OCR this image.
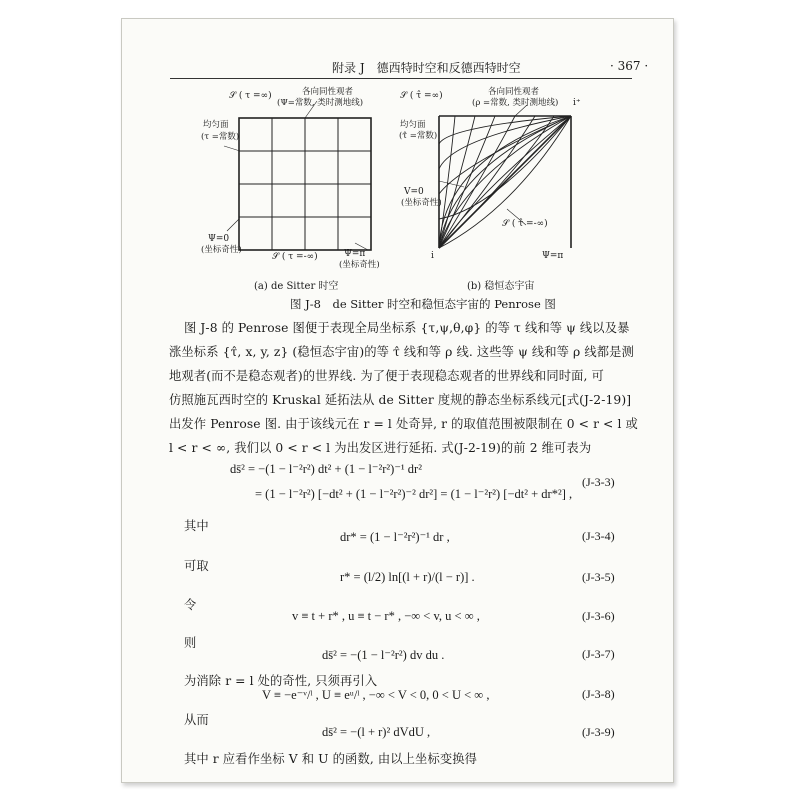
附录 J　德西特时空和反德西特时空	· 367 ·
𝒮 ( τ =∞)	各向同性观者
(Ψ=常数, 类时测地线)
均匀面
(τ =常数)
Ψ=0
(坐标奇性)
𝒮 ( τ =-∞)	Ψ=π
(坐标奇性)
(a) de Sitter 时空
𝒮 ( τ̂ =∞)	各向同性观者
(ρ =常数, 类时测地线) i⁺
均匀面
(τ̂ =常数)
V=0
(坐标奇性)
𝒮 ( τ̂ =-∞)
i	Ψ=π
(b) 稳恒态宇宙
图 J-8　de Sitter 时空和稳恒态宇宙的 Penrose 图
图 J-8 的 Penrose 图便于表现全局坐标系 {τ,ψ,θ,φ} 的等 τ 线和等 ψ 线以及暴
涨坐标系 {τ̂, x, y, z} (稳恒态宇宙)的等 τ̂ 线和等 ρ 线. 这些等 ψ 线和等 ρ 线都是测
地观者(而不是稳态观者)的世界线. 为了便于表现稳态观者的世界线和同时面, 可
仿照施瓦西时空的 Kruskal 延拓法从 de Sitter 度规的静态坐标系线元[式(J-2-19)]
出发作 Penrose 图. 由于该线元在 r = l 处奇异, r 的取值范围被限制在 0 < r < l 或
l < r < ∞, 我们以 0 < r < l 为出发区进行延拓. 式(J-2-19)的前 2 维可表为
ds̄² = −(1 − l⁻²r²) dt² + (1 − l⁻²r²)⁻¹ dr²
= (1 − l⁻²r²) [−dt² + (1 − l⁻²r²)⁻² dr²] = (1 − l⁻²r²) [−dt² + dr*²] ,
(J-3-3)
其中
dr* = (1 − l⁻²r²)⁻¹ dr ,	(J-3-4)
可取
r* = (l/2) ln[(l + r)/(l − r)] .	(J-3-5)
令
v ≡ t + r* , u ≡ t − r* , −∞ < v, u < ∞ ,	(J-3-6)
则
ds̄² = −(1 − l⁻²r²) dv du .	(J-3-7)
为消除 r = l 处的奇性, 只须再引入
V ≡ −e⁻ᵛ/ˡ , U ≡ eᵘ/ˡ , −∞ < V < 0, 0 < U < ∞ ,	(J-3-8)
从而
ds̄² = −(l + r)² dVdU ,	(J-3-9)
其中 r 应看作坐标 V 和 U 的函数, 由以上坐标变换得
